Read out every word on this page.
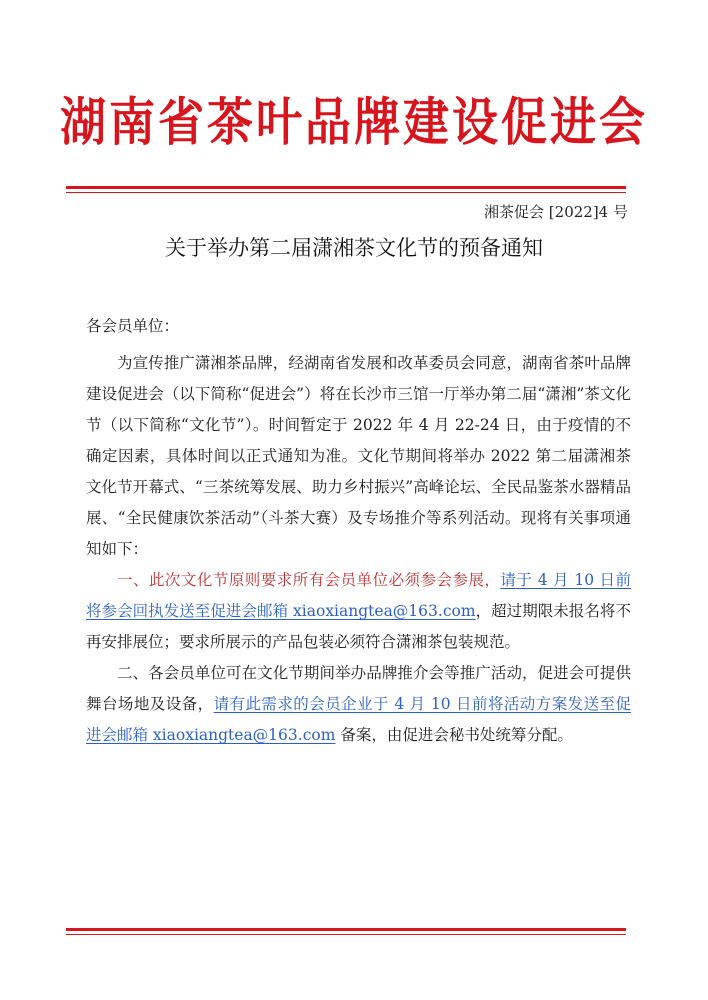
湖南省茶叶品牌建设促进会
湘茶促会 [2022]4 号
关于举办第二届潇湘茶文化节的预备通知

各会员单位：

为宣传推广潇湘茶品牌，经湖南省发展和改革委员会同意，湖南省茶叶品牌建设促进会（以下简称“促进会”）将在长沙市三馆一厅举办第二届“潇湘”茶文化节（以下简称“文化节”）。时间暂定于 2022 年 4 月 22-24 日，由于疫情的不确定因素，具体时间以正式通知为准。文化节期间将举办 2022 第二届潇湘茶文化节开幕式、“三茶统筹发展、助力乡村振兴”高峰论坛、全民品鉴茶水器精品展、“全民健康饮茶活动”（斗茶大赛）及专场推介等系列活动。现将有关事项通知如下：

一、此次文化节原则要求所有会员单位必须参会参展，请于 4 月 10 日前将参会回执发送至促进会邮箱 xiaoxiangtea@163.com，超过期限未报名将不再安排展位；要求所展示的产品包装必须符合潇湘茶包装规范。

二、各会员单位可在文化节期间举办品牌推介会等推广活动，促进会可提供舞台场地及设备，请有此需求的会员企业于 4 月 10 日前将活动方案发送至促进会邮箱 xiaoxiangtea@163.com 备案，由促进会秘书处统筹分配。
